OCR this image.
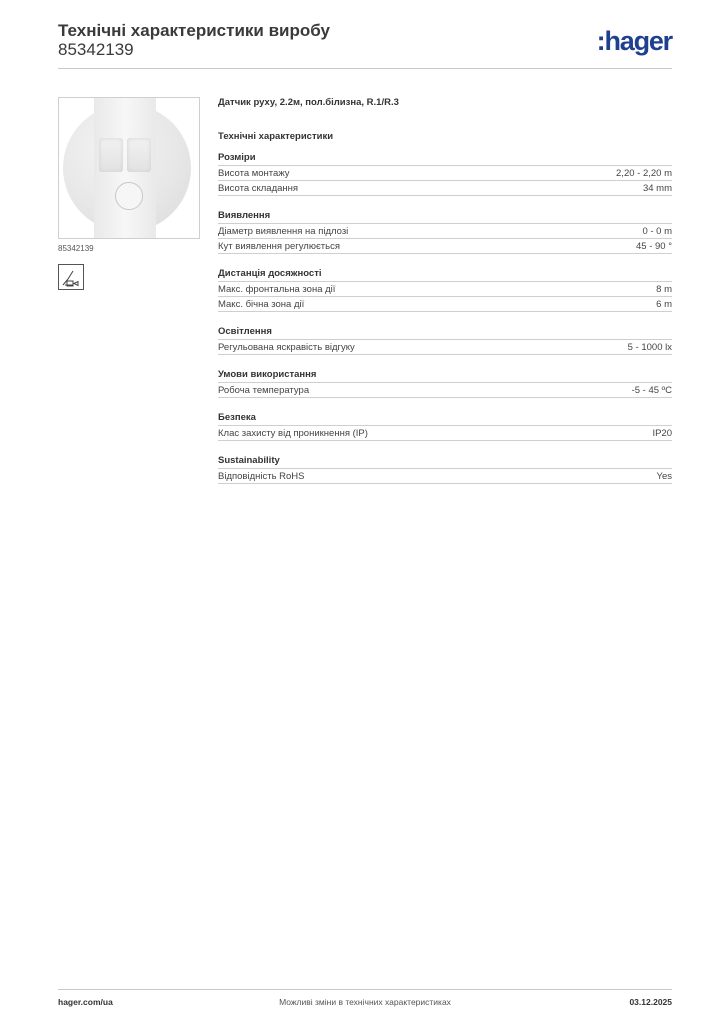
Технічні характеристики виробу
85342139	:hager
85342139
Датчик руху, 2.2м, пол.білизна, R.1/R.3
Технічні характеристики
Розміри
Висота монтажу	2,20 - 2,20 m
Висота складання	34 mm
Виявлення
Діаметр виявлення на підлозі	0 - 0 m
Кут виявлення регулюється	45 - 90 °
Дистанція досяжності
Макс. фронтальна зона дії	8 m
Макс. бічна зона дії	6 m
Освітлення
Регульована яскравість відгуку	5 - 1000 lx
Умови використання
Робоча температура	-5 - 45 ºC
Безпека
Клас захисту від проникнення (IP)	IP20
Sustainability
Відповідність RoHS	Yes
hager.com/ua	Можливі зміни в технічних характеристиках	03.12.2025
